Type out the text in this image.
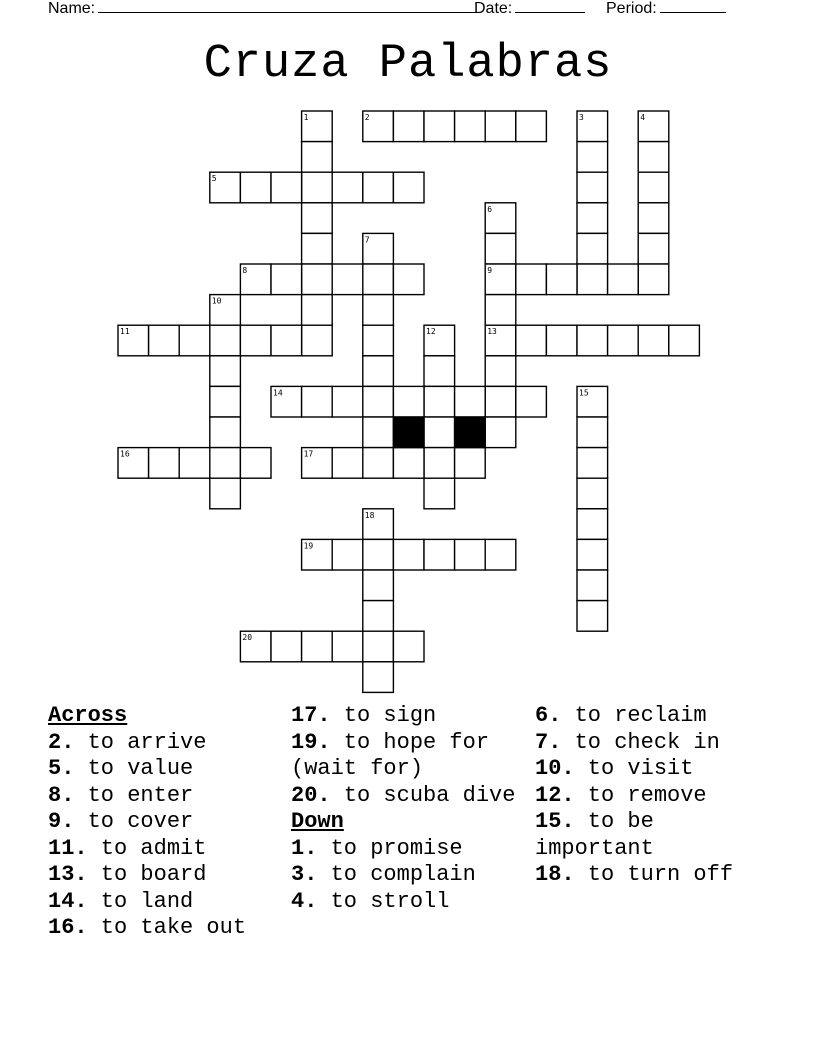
Name:	Date:	Period:
Cruza Palabras
1	2	3	4
5
6
7
8	9
10
11	12	13
14	15
16	17
18
19
20
Across
2. to arrive
5. to value
8. to enter
9. to cover
11. to admit
13. to board
14. to land
16. to take out
17. to sign
19. to hope for (wait for)
20. to scuba dive
Down
1. to promise
3. to complain
4. to stroll
6. to reclaim
7. to check in
10. to visit
12. to remove
15. to be important
18. to turn off
